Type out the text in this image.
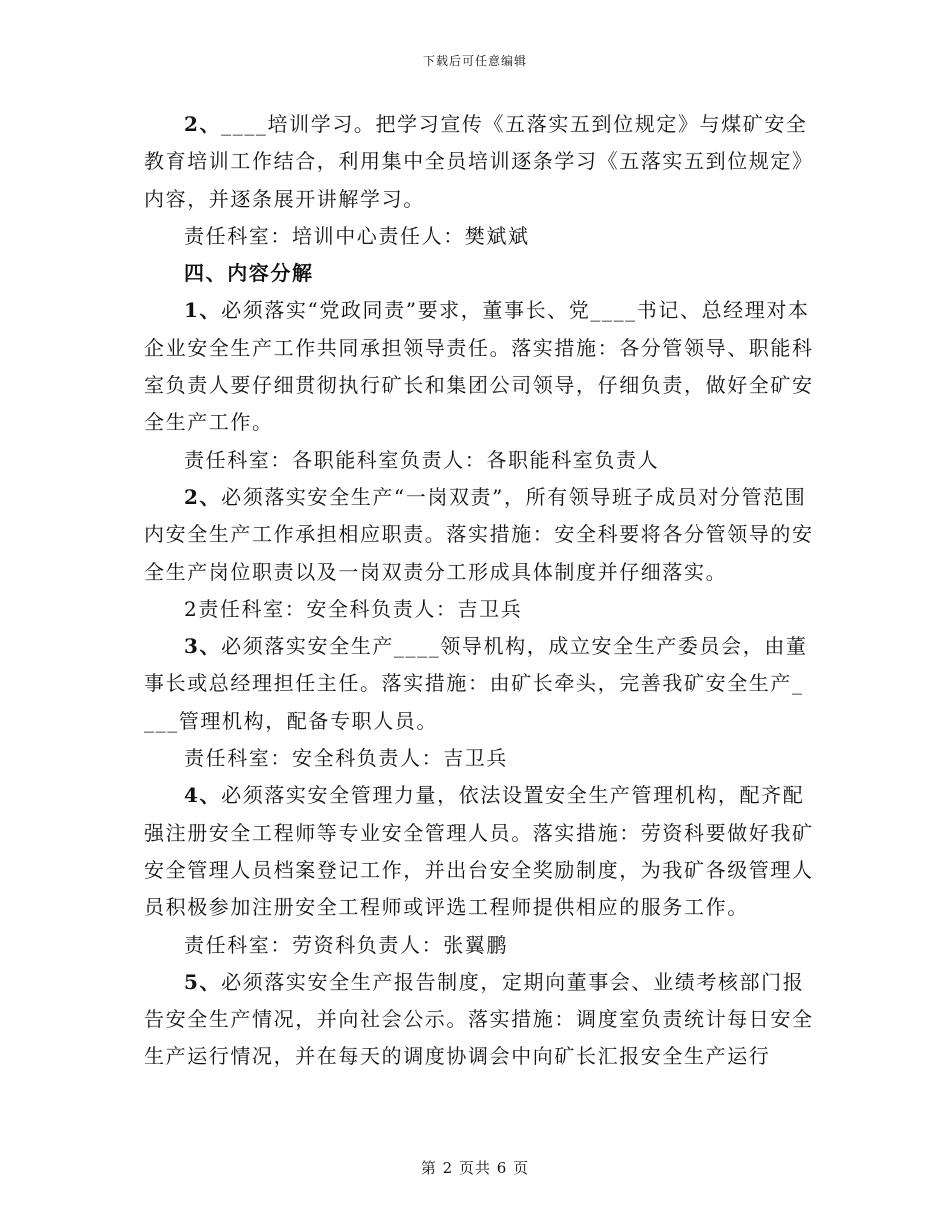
下载后可任意编辑

2、____培训学习。把学习宣传《五落实五到位规定》与煤矿安全教育培训工作结合，利用集中全员培训逐条学习《五落实五到位规定》内容，并逐条展开讲解学习。

责任科室：培训中心责任人：樊斌斌

四、内容分解

1、必须落实“党政同责”要求，董事长、党____书记、总经理对本企业安全生产工作共同承担领导责任。落实措施：各分管领导、职能科室负责人要仔细贯彻执行矿长和集团公司领导，仔细负责，做好全矿安全生产工作。

责任科室：各职能科室负责人：各职能科室负责人

2、必须落实安全生产“一岗双责”，所有领导班子成员对分管范围内安全生产工作承担相应职责。落实措施：安全科要将各分管领导的安全生产岗位职责以及一岗双责分工形成具体制度并仔细落实。

2责任科室：安全科负责人：吉卫兵

3、必须落实安全生产____领导机构，成立安全生产委员会，由董事长或总经理担任主任。落实措施：由矿长牵头，完善我矿安全生产____管理机构，配备专职人员。

责任科室：安全科负责人：吉卫兵

4、必须落实安全管理力量，依法设置安全生产管理机构，配齐配强注册安全工程师等专业安全管理人员。落实措施：劳资科要做好我矿安全管理人员档案登记工作，并出台安全奖励制度，为我矿各级管理人员积极参加注册安全工程师或评选工程师提供相应的服务工作。

责任科室：劳资科负责人：张翼鹏

5、必须落实安全生产报告制度，定期向董事会、业绩考核部门报告安全生产情况，并向社会公示。落实措施：调度室负责统计每日安全生产运行情况，并在每天的调度协调会中向矿长汇报安全生产运行

第 2 页共 6 页
